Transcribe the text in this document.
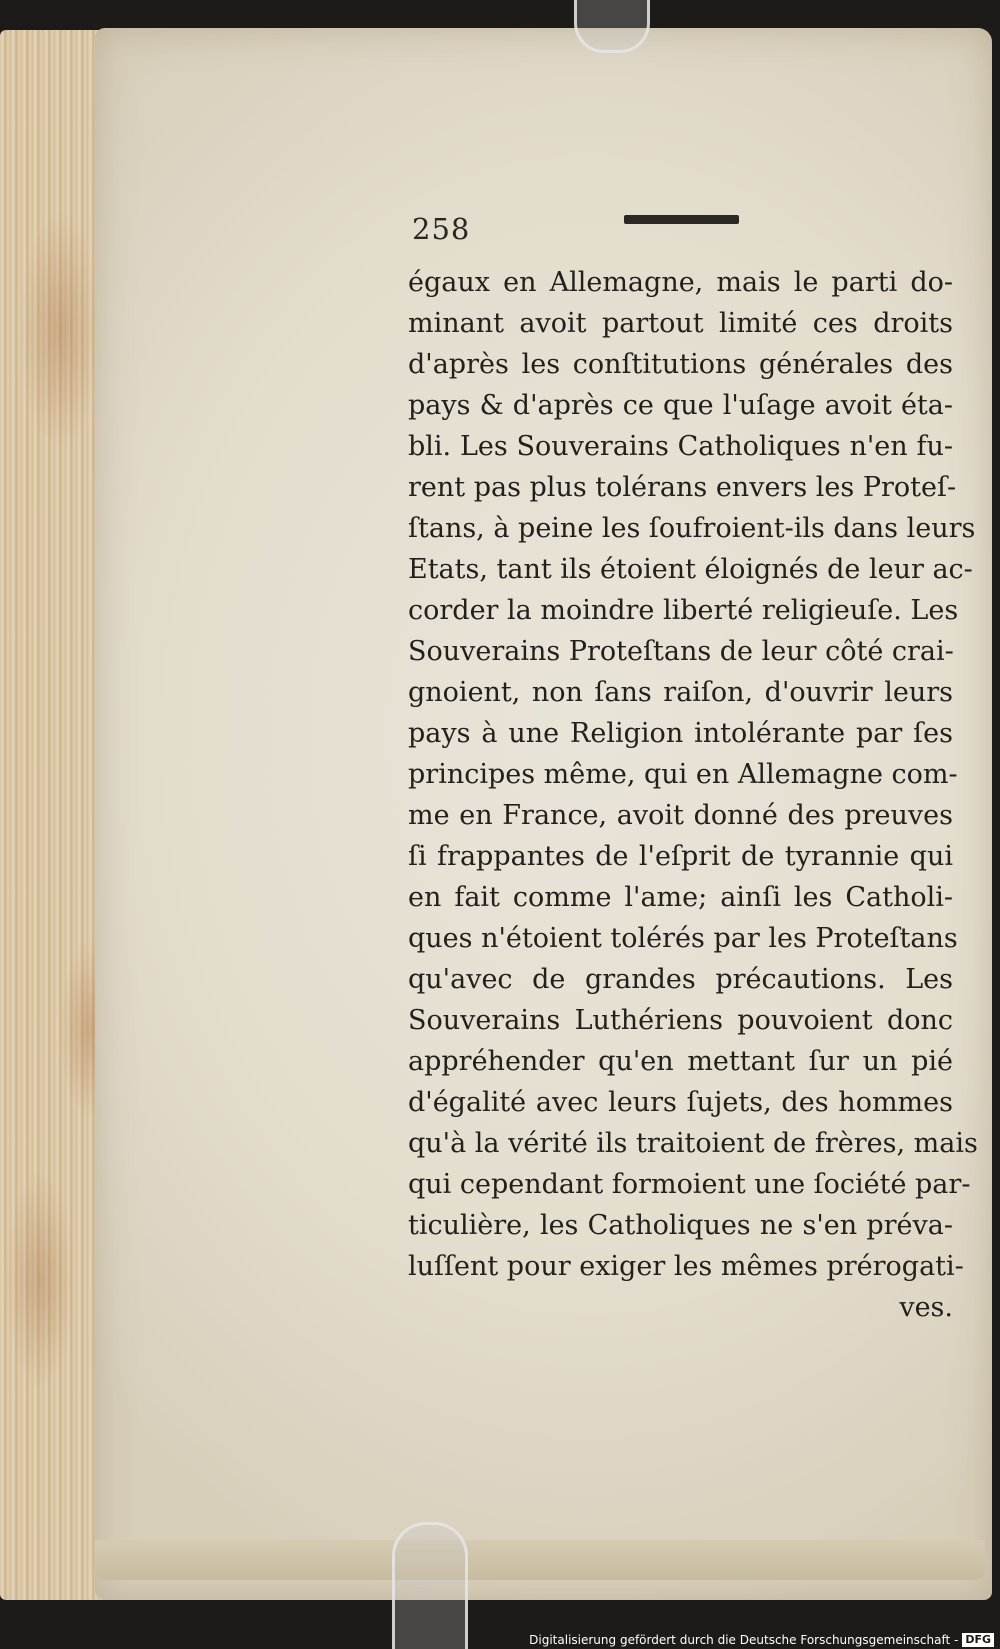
258
égaux en Allemagne, mais le parti do-
minant avoit partout limité ces droits
d'après les conſtitutions générales des
pays & d'après ce que l'uſage avoit éta-
bli. Les Souverains Catholiques n'en fu-
rent pas plus tolérans envers les Proteſ-
ſtans, à peine les ſoufroient-ils dans leurs
Etats, tant ils étoient éloignés de leur ac-
corder la moindre liberté religieuſe. Les
Souverains Proteſtans de leur côté crai-
gnoient, non ſans raiſon, d'ouvrir leurs
pays à une Religion intolérante par ſes
principes même, qui en Allemagne com-
me en France, avoit donné des preuves
ſi frappantes de l'eſprit de tyrannie qui
en fait comme l'ame; ainſi les Catholi-
ques n'étoient tolérés par les Proteſtans
qu'avec de grandes précautions. Les
Souverains Luthériens pouvoient donc
appréhender qu'en mettant ſur un pié
d'égalité avec leurs ſujets, des hommes
qu'à la vérité ils traitoient de frères, mais
qui cependant formoient une ſociété par-
ticulière, les Catholiques ne s'en préva-
luſſent pour exiger les mêmes prérogati-
ves.
Digitalisierung gefördert durch die Deutsche Forschungsgemeinschaft - DFG
